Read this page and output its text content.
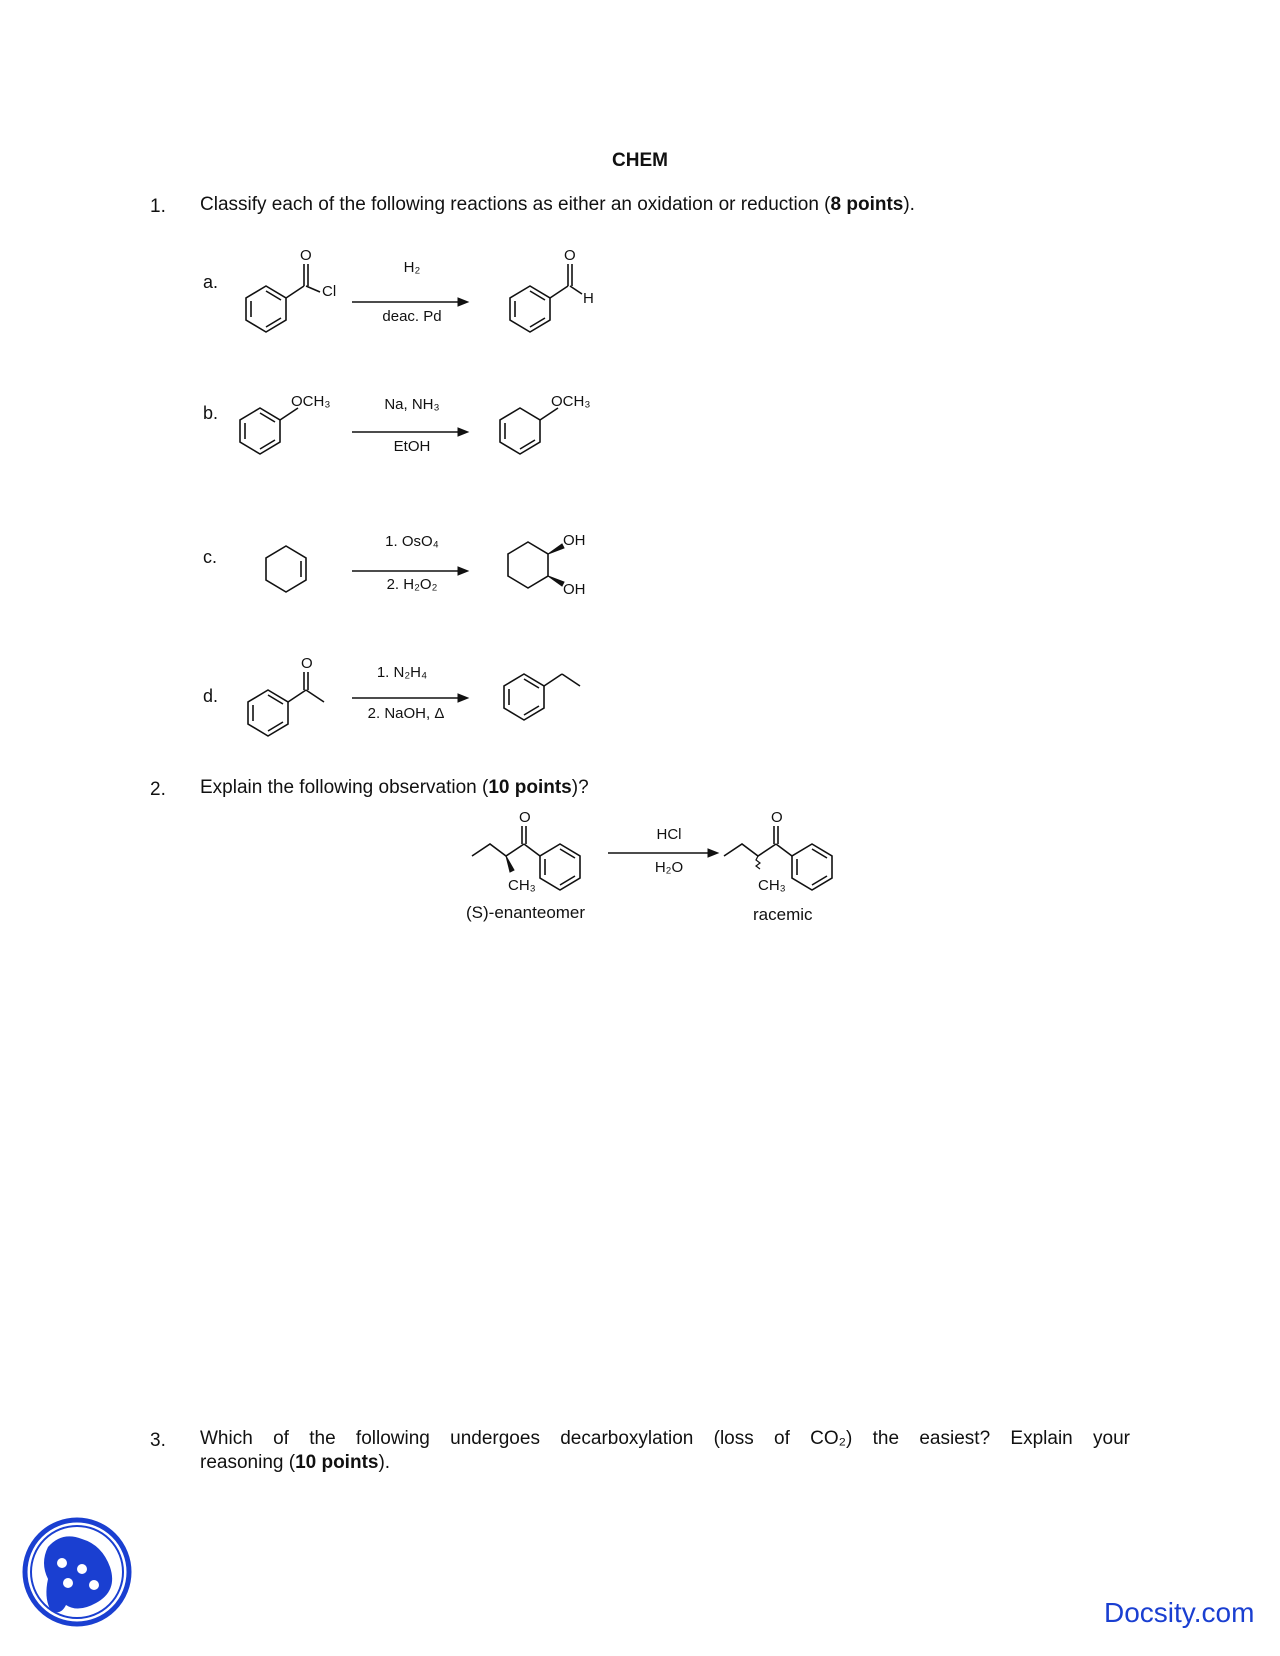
CHEM
1. Classify each of the following reactions as either an oxidation or reduction (8 points).
a.
O
Cl
H₂
deac. Pd
O
H
b.
OCH₃	Na, NH₃
EtOH
OCH₃
c.
1. OsO₄
2. H₂O₂
OH
OH
d.
O
1. N₂H₄
2. NaOH, Δ
2. Explain the following observation (10 points)?
O
CH₃
HCl
H₂O
O
CH₃
(S)-enanteomer	racemic
3. Which of the following undergoes decarboxylation (loss of CO₂) the easiest? Explain your
reasoning (10 points).
Docsity.com
